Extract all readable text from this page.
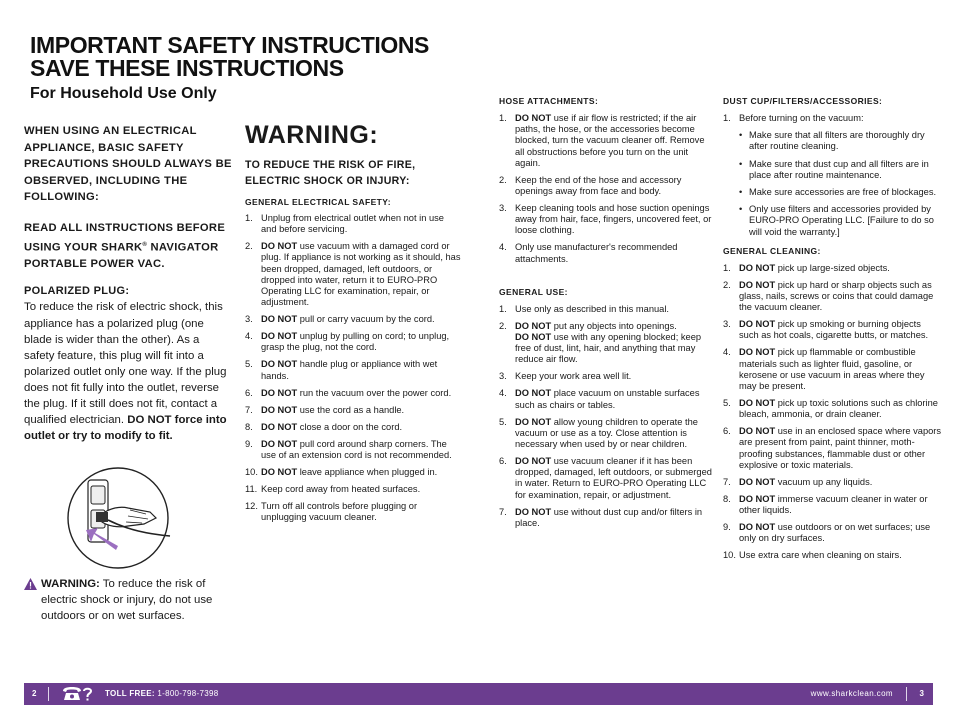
IMPORTANT SAFETY INSTRUCTIONS
SAVE THESE INSTRUCTIONS
For Household Use Only
WHEN USING AN ELECTRICAL APPLIANCE, BASIC SAFETY PRECAUTIONS SHOULD ALWAYS BE OBSERVED, INCLUDING THE FOLLOWING:
READ ALL INSTRUCTIONS BEFORE USING YOUR SHARK® NAVIGATOR PORTABLE POWER VAC.
POLARIZED PLUG:
To reduce the risk of electric shock, this appliance has a polarized plug (one blade is wider than the other). As a safety feature, this plug will fit into a polarized outlet only one way. If the plug does not fit fully into the outlet, reverse the plug. If it still does not fit, contact a qualified electrician. DO NOT force into outlet or try to modify to fit.
WARNING: To reduce the risk of electric shock or injury, do not use outdoors or on wet surfaces.
WARNING:
TO REDUCE THE RISK OF FIRE, ELECTRIC SHOCK OR INJURY:
GENERAL ELECTRICAL SAFETY:
1. Unplug from electrical outlet when not in use and before servicing.
2. DO NOT use vacuum with a damaged cord or plug. If appliance is not working as it should, has been dropped, damaged, left outdoors, or dropped into water, return it to EURO-PRO Operating LLC for examination, repair, or adjustment.
3. DO NOT pull or carry vacuum by the cord.
4. DO NOT unplug by pulling on cord; to unplug, grasp the plug, not the cord.
5. DO NOT handle plug or appliance with wet hands.
6. DO NOT run the vacuum over the power cord.
7. DO NOT use the cord as a handle.
8. DO NOT close a door on the cord.
9. DO NOT pull cord around sharp corners. The use of an extension cord is not recommended.
10. DO NOT leave appliance when plugged in.
11. Keep cord away from heated surfaces.
12. Turn off all controls before plugging or unplugging vacuum cleaner.
HOSE ATTACHMENTS:
1. DO NOT use if air flow is restricted; if the air paths, the hose, or the accessories become blocked, turn the vacuum cleaner off. Remove all obstructions before you turn on the unit again.
2. Keep the end of the hose and accessory openings away from face and body.
3. Keep cleaning tools and hose suction openings away from hair, face, fingers, uncovered feet, or loose clothing.
4. Only use manufacturer's recommended attachments.
GENERAL USE:
1. Use only as described in this manual.
2. DO NOT put any objects into openings.
DO NOT use with any opening blocked; keep free of dust, lint, hair, and anything that may reduce air flow.
3. Keep your work area well lit.
4. DO NOT place vacuum on unstable surfaces such as chairs or tables.
5. DO NOT allow young children to operate the vacuum or use as a toy. Close attention is necessary when used by or near children.
6. DO NOT use vacuum cleaner if it has been dropped, damaged, left outdoors, or submerged in water. Return to EURO-PRO Operating LLC for examination, repair, or adjustment.
7. DO NOT use without dust cup and/or filters in place.
DUST CUP/FILTERS/ACCESSORIES:
1. Before turning on the vacuum:
• Make sure that all filters are thoroughly dry after routine cleaning.
• Make sure that dust cup and all filters are in place after routine maintenance.
• Make sure accessories are free of blockages.
• Only use filters and accessories provided by EURO-PRO Operating LLC. [Failure to do so will void the warranty.]
GENERAL CLEANING:
1. DO NOT pick up large-sized objects.
2. DO NOT pick up hard or sharp objects such as glass, nails, screws or coins that could damage the vacuum cleaner.
3. DO NOT pick up smoking or burning objects such as hot coals, cigarette butts, or matches.
4. DO NOT pick up flammable or combustible materials such as lighter fluid, gasoline, or kerosene or use vacuum in areas where they may be present.
5. DO NOT pick up toxic solutions such as chlorine bleach, ammonia, or drain cleaner.
6. DO NOT use in an enclosed space where vapors are present from paint, paint thinner, moth-proofing substances, flammable dust or other explosive or toxic materials.
7. DO NOT vacuum up any liquids.
8. DO NOT immerse vacuum cleaner in water or other liquids.
9. DO NOT use outdoors or on wet surfaces; use only on dry surfaces.
10. Use extra care when cleaning on stairs.
2	TOLL FREE: 1-800-798-7398	www.sharkclean.com	3
